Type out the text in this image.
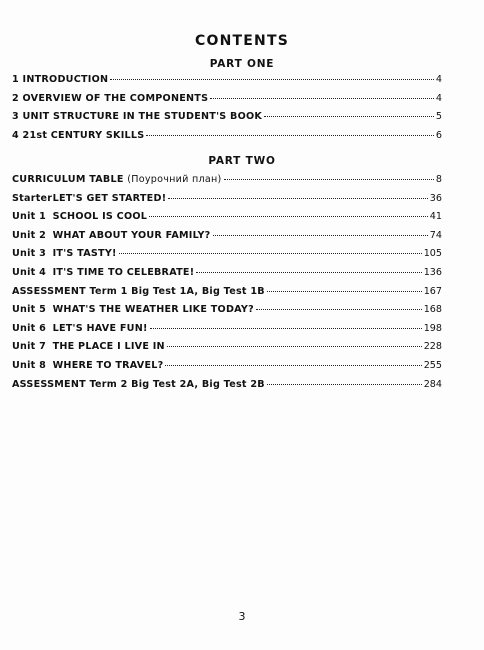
CONTENTS
PART ONE
1 INTRODUCTION	4
2 OVERVIEW OF THE COMPONENTS	4
3 UNIT STRUCTURE IN THE STUDENT'S BOOK	5
4 21st CENTURY SKILLS	6
PART TWO
CURRICULUM TABLE (Поурочний план)	8
Starter LET'S GET STARTED!	36
Unit 1 SCHOOL IS COOL	41
Unit 2 WHAT ABOUT YOUR FAMILY?	74
Unit 3 IT'S TASTY!	105
Unit 4 IT'S TIME TO CELEBRATE!	136
ASSESSMENT Term 1 Big Test 1A, Big Test 1B	167
Unit 5 WHAT'S THE WEATHER LIKE TODAY?	168
Unit 6 LET'S HAVE FUN!	198
Unit 7 THE PLACE I LIVE IN	228
Unit 8 WHERE TO TRAVEL?	255
ASSESSMENT Term 2 Big Test 2A, Big Test 2B	284
3
